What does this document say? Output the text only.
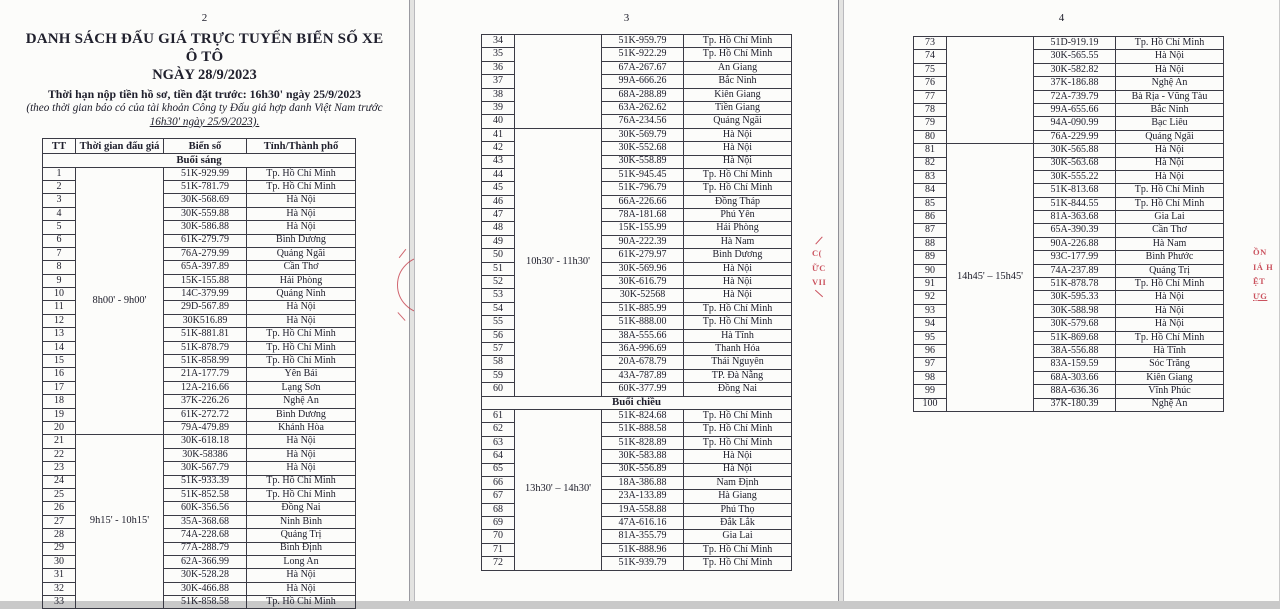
2
DANH SÁCH ĐẤU GIÁ TRỰC TUYẾN BIỂN SỐ XE Ô TÔ
NGÀY 28/9/2023
Thời hạn nộp tiền hồ sơ, tiền đặt trước: 16h30' ngày 25/9/2023
(theo thời gian báo có của tài khoản Công ty Đấu giá hợp danh Việt Nam trước
16h30' ngày 25/9/2023).
TT	Thời gian đấu giá	Biển số	Tỉnh/Thành phố
Buổi sáng			
1	8h00' - 9h00'	51K-929.99	Tp. Hồ Chí Minh
2		51K-781.79	Tp. Hồ Chí Minh
3		30K-568.69	Hà Nội
4		30K-559.88	Hà Nội
5		30K-586.88	Hà Nội
6		61K-279.79	Bình Dương
7		76A-279.99	Quảng Ngãi
8		65A-397.89	Cần Thơ
9		15K-155.88	Hải Phòng
10		14C-379.99	Quảng Ninh
11		29D-567.89	Hà Nội
12		30K516.89	Hà Nội
13		51K-881.81	Tp. Hồ Chí Minh
14		51K-878.79	Tp. Hồ Chí Minh
15		51K-858.99	Tp. Hồ Chí Minh
16		21A-177.79	Yên Bái
17		12A-216.66	Lạng Sơn
18		37K-226.26	Nghệ An
19		61K-272.72	Bình Dương
20		79A-479.89	Khánh Hòa
21	9h15' - 10h15'	30K-618.18	Hà Nội
22		30K-58386	Hà Nội
23		30K-567.79	Hà Nội
24		51K-933.39	Tp. Hồ Chí Minh
25		51K-852.58	Tp. Hồ Chí Minh
26		60K-356.56	Đồng Nai
27		35A-368.68	Ninh Bình
28		74A-228.68	Quảng Trị
29		77A-288.79	Bình Định
30		62A-366.99	Long An
31		30K-528.28	Hà Nội
32		30K-466.88	Hà Nội
33		51K-858.58	Tp. Hồ Chí Minh
3
34		51K-959.79	Tp. Hồ Chí Minh
35		51K-922.29	Tp. Hồ Chí Minh
36		67A-267.67	An Giang
37		99A-666.26	Bắc Ninh
38		68A-288.89	Kiên Giang
39		63A-262.62	Tiền Giang
40		76A-234.56	Quảng Ngãi
41	10h30' - 11h30'	30K-569.79	Hà Nội
42		30K-552.68	Hà Nội
43		30K-558.89	Hà Nội
44		51K-945.45	Tp. Hồ Chí Minh
45		51K-796.79	Tp. Hồ Chí Minh
46		66A-226.66	Đồng Tháp
47		78A-181.68	Phú Yên
48		15K-155.99	Hải Phòng
49		90A-222.39	Hà Nam
50		61K-279.97	Bình Dương
51		30K-569.96	Hà Nội
52		30K-616.79	Hà Nội
53		30K-52568	Hà Nội
54		51K-885.99	Tp. Hồ Chí Minh
55		51K-888.00	Tp. Hồ Chí Minh
56		38A-555.66	Hà Tĩnh
57		36A-996.69	Thanh Hóa
58		20A-678.79	Thái Nguyên
59		43A-787.89	TP. Đà Nẵng
60		60K-377.99	Đồng Nai
Buổi chiều			
61	13h30' – 14h30'	51K-824.68	Tp. Hồ Chí Minh
62		51K-888.58	Tp. Hồ Chí Minh
63		51K-828.89	Tp. Hồ Chí Minh
64		30K-583.88	Hà Nội
65		30K-556.89	Hà Nội
66		18A-386.88	Nam Định
67		23A-133.89	Hà Giang
68		19A-558.88	Phú Thọ
69		47A-616.16	Đắk Lắk
70		81A-355.79	Gia Lai
71		51K-888.96	Tp. Hồ Chí Minh
72		51K-939.79	Tp. Hồ Chí Minh
C(
ỮC
VII
4
73		51D-919.19	Tp. Hồ Chí Minh
74		30K-565.55	Hà Nội
75		30K-582.82	Hà Nội
76		37K-186.88	Nghệ An
77		72A-739.79	Bà Rịa - Vũng Tàu
78		99A-655.66	Bắc Ninh
79		94A-090.99	Bạc Liêu
80		76A-229.99	Quảng Ngãi
81	14h45' – 15h45'	30K-565.88	Hà Nội
82		30K-563.68	Hà Nội
83		30K-555.22	Hà Nội
84		51K-813.68	Tp. Hồ Chí Minh
85		51K-844.55	Tp. Hồ Chí Minh
86		81A-363.68	Gia Lai
87		65A-390.39	Cần Thơ
88		90A-226.88	Hà Nam
89		93C-177.99	Bình Phước
90		74A-237.89	Quảng Trị
91		51K-878.78	Tp. Hồ Chí Minh
92		30K-595.33	Hà Nội
93		30K-588.98	Hà Nội
94		30K-579.68	Hà Nội
95		51K-869.68	Tp. Hồ Chí Minh
96		38A-556.88	Hà Tĩnh
97		83A-159.59	Sóc Trăng
98		68A-303.66	Kiên Giang
99		88A-636.36	Vĩnh Phúc
100		37K-180.39	Nghệ An
ỒN
IÁ H
ỆT
ỰG
